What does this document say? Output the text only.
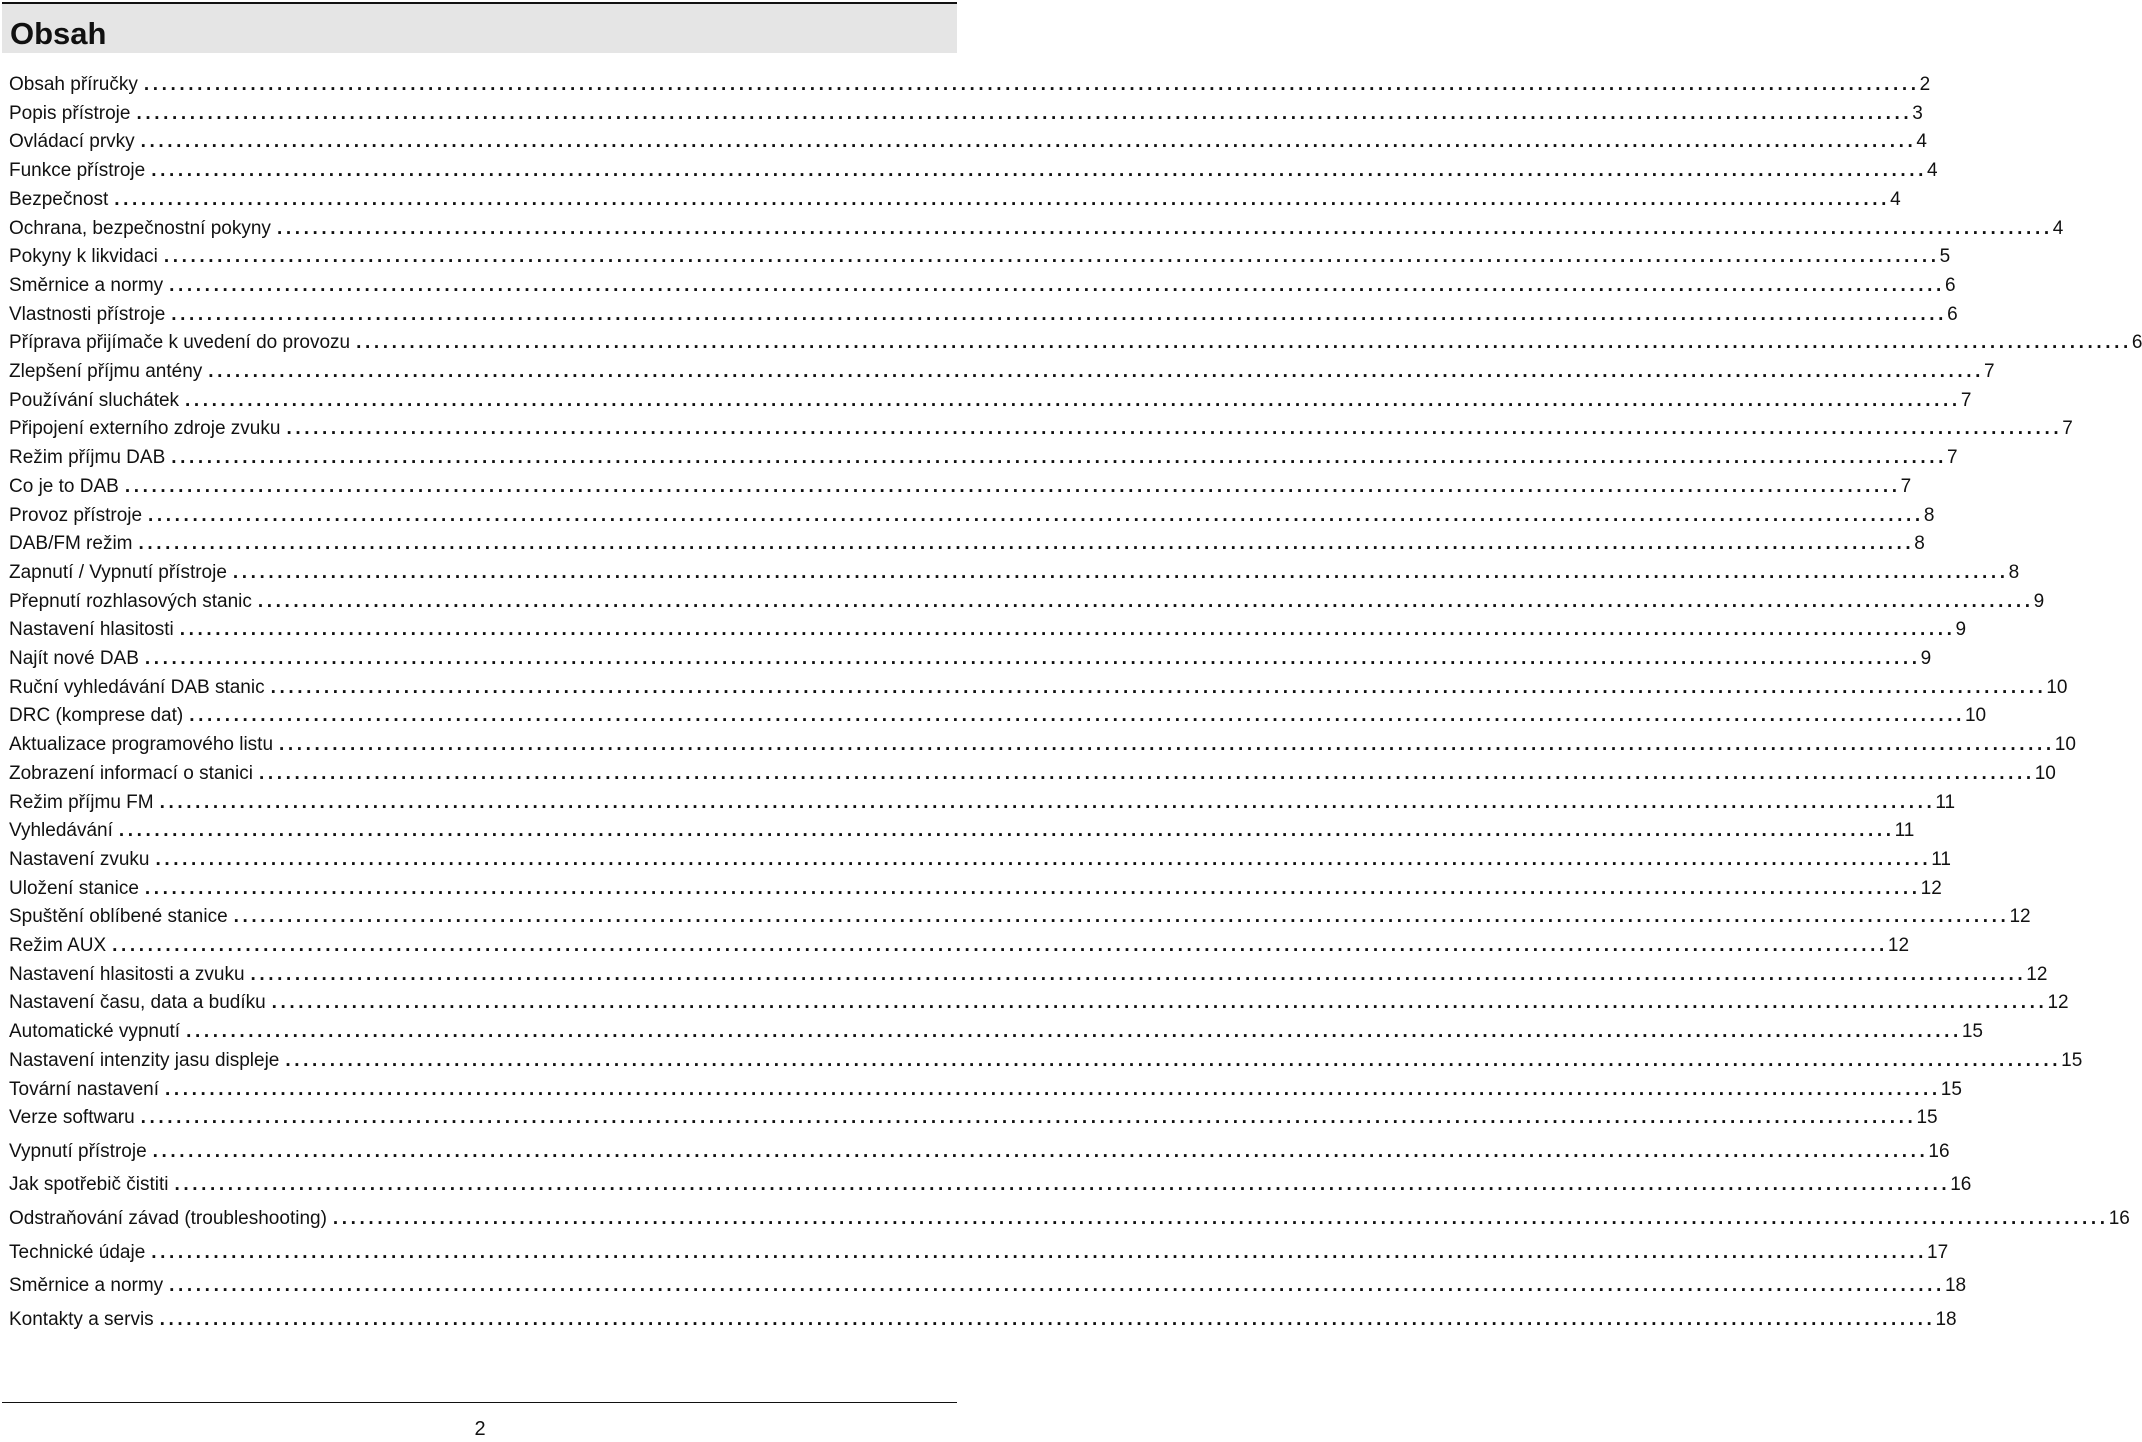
Obsah
Obsah příručky ........................................................................................................................................................................................................ 2
Popis přístroje ........................................................................................................................................................................................................ 3
Ovládací prvky ........................................................................................................................................................................................................ 4
Funkce přístroje ........................................................................................................................................................................................................ 4
Bezpečnost ........................................................................................................................................................................................................ 4
Ochrana, bezpečnostní pokyny ........................................................................................................................................................................................................ 4
Pokyny k likvidaci ........................................................................................................................................................................................................ 5
Směrnice a normy ........................................................................................................................................................................................................ 6
Vlastnosti přístroje ........................................................................................................................................................................................................ 6
Příprava přijímače k uvedení do provozu ........................................................................................................................................................................................................ 6
Zlepšení příjmu antény ........................................................................................................................................................................................................ 7
Používání sluchátek ........................................................................................................................................................................................................ 7
Připojení externího zdroje zvuku ........................................................................................................................................................................................................ 7
Režim příjmu DAB ........................................................................................................................................................................................................ 7
Co je to DAB ........................................................................................................................................................................................................ 7
Provoz přístroje ........................................................................................................................................................................................................ 8
DAB/FM režim ........................................................................................................................................................................................................ 8
Zapnutí / Vypnutí přístroje ........................................................................................................................................................................................................ 8
Přepnutí rozhlasových stanic ........................................................................................................................................................................................................ 9
Nastavení hlasitosti ........................................................................................................................................................................................................ 9
Najít nové DAB ........................................................................................................................................................................................................ 9
Ruční vyhledávání DAB stanic ........................................................................................................................................................................................................ 10
DRC (komprese dat) ........................................................................................................................................................................................................ 10
Aktualizace programového listu ........................................................................................................................................................................................................ 10
Zobrazení informací o stanici ........................................................................................................................................................................................................ 10
Režim příjmu FM ........................................................................................................................................................................................................ 11
Vyhledávání ........................................................................................................................................................................................................ 11
Nastavení zvuku ........................................................................................................................................................................................................ 11
Uložení stanice ........................................................................................................................................................................................................ 12
Spuštění oblíbené stanice ........................................................................................................................................................................................................ 12
Režim AUX ........................................................................................................................................................................................................ 12
Nastavení hlasitosti a zvuku ........................................................................................................................................................................................................ 12
Nastavení času, data a budíku ........................................................................................................................................................................................................ 12
Automatické vypnutí ........................................................................................................................................................................................................ 15
Nastavení intenzity jasu displeje ........................................................................................................................................................................................................ 15
Tovární nastavení ........................................................................................................................................................................................................ 15
Verze softwaru ........................................................................................................................................................................................................ 15
Vypnutí přístroje ........................................................................................................................................................................................................ 16
Jak spotřebič čistiti ........................................................................................................................................................................................................ 16
Odstraňování závad (troubleshooting) ........................................................................................................................................................................................................ 16
Technické údaje ........................................................................................................................................................................................................ 17
Směrnice a normy ........................................................................................................................................................................................................ 18
Kontakty a servis ........................................................................................................................................................................................................ 18
2
